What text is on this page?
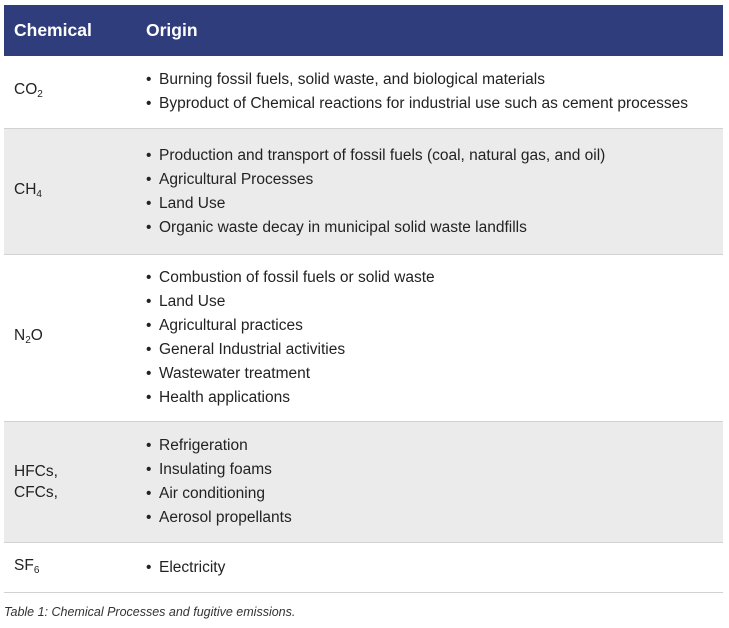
Chemical	Origin
$CO_2$
• Burning fossil fuels, solid waste, and biological materials
• Byproduct of Chemical reactions for industrial use such as cement processes
$CH_4$
• Production and transport of fossil fuels (coal, natural gas, and oil)
• Agricultural Processes
• Land Use
• Organic waste decay in municipal solid waste landfills
$N_2O$
• Combustion of fossil fuels or solid waste
• Land Use
• Agricultural practices
• General Industrial activities
• Wastewater treatment
• Health applications
HFCs,
CFCs,
• Refrigeration
• Insulating foams
• Air conditioning
• Aerosol propellants
$SF_6$
•	Electricity
Table 1: Chemical Processes and fugitive emissions.
